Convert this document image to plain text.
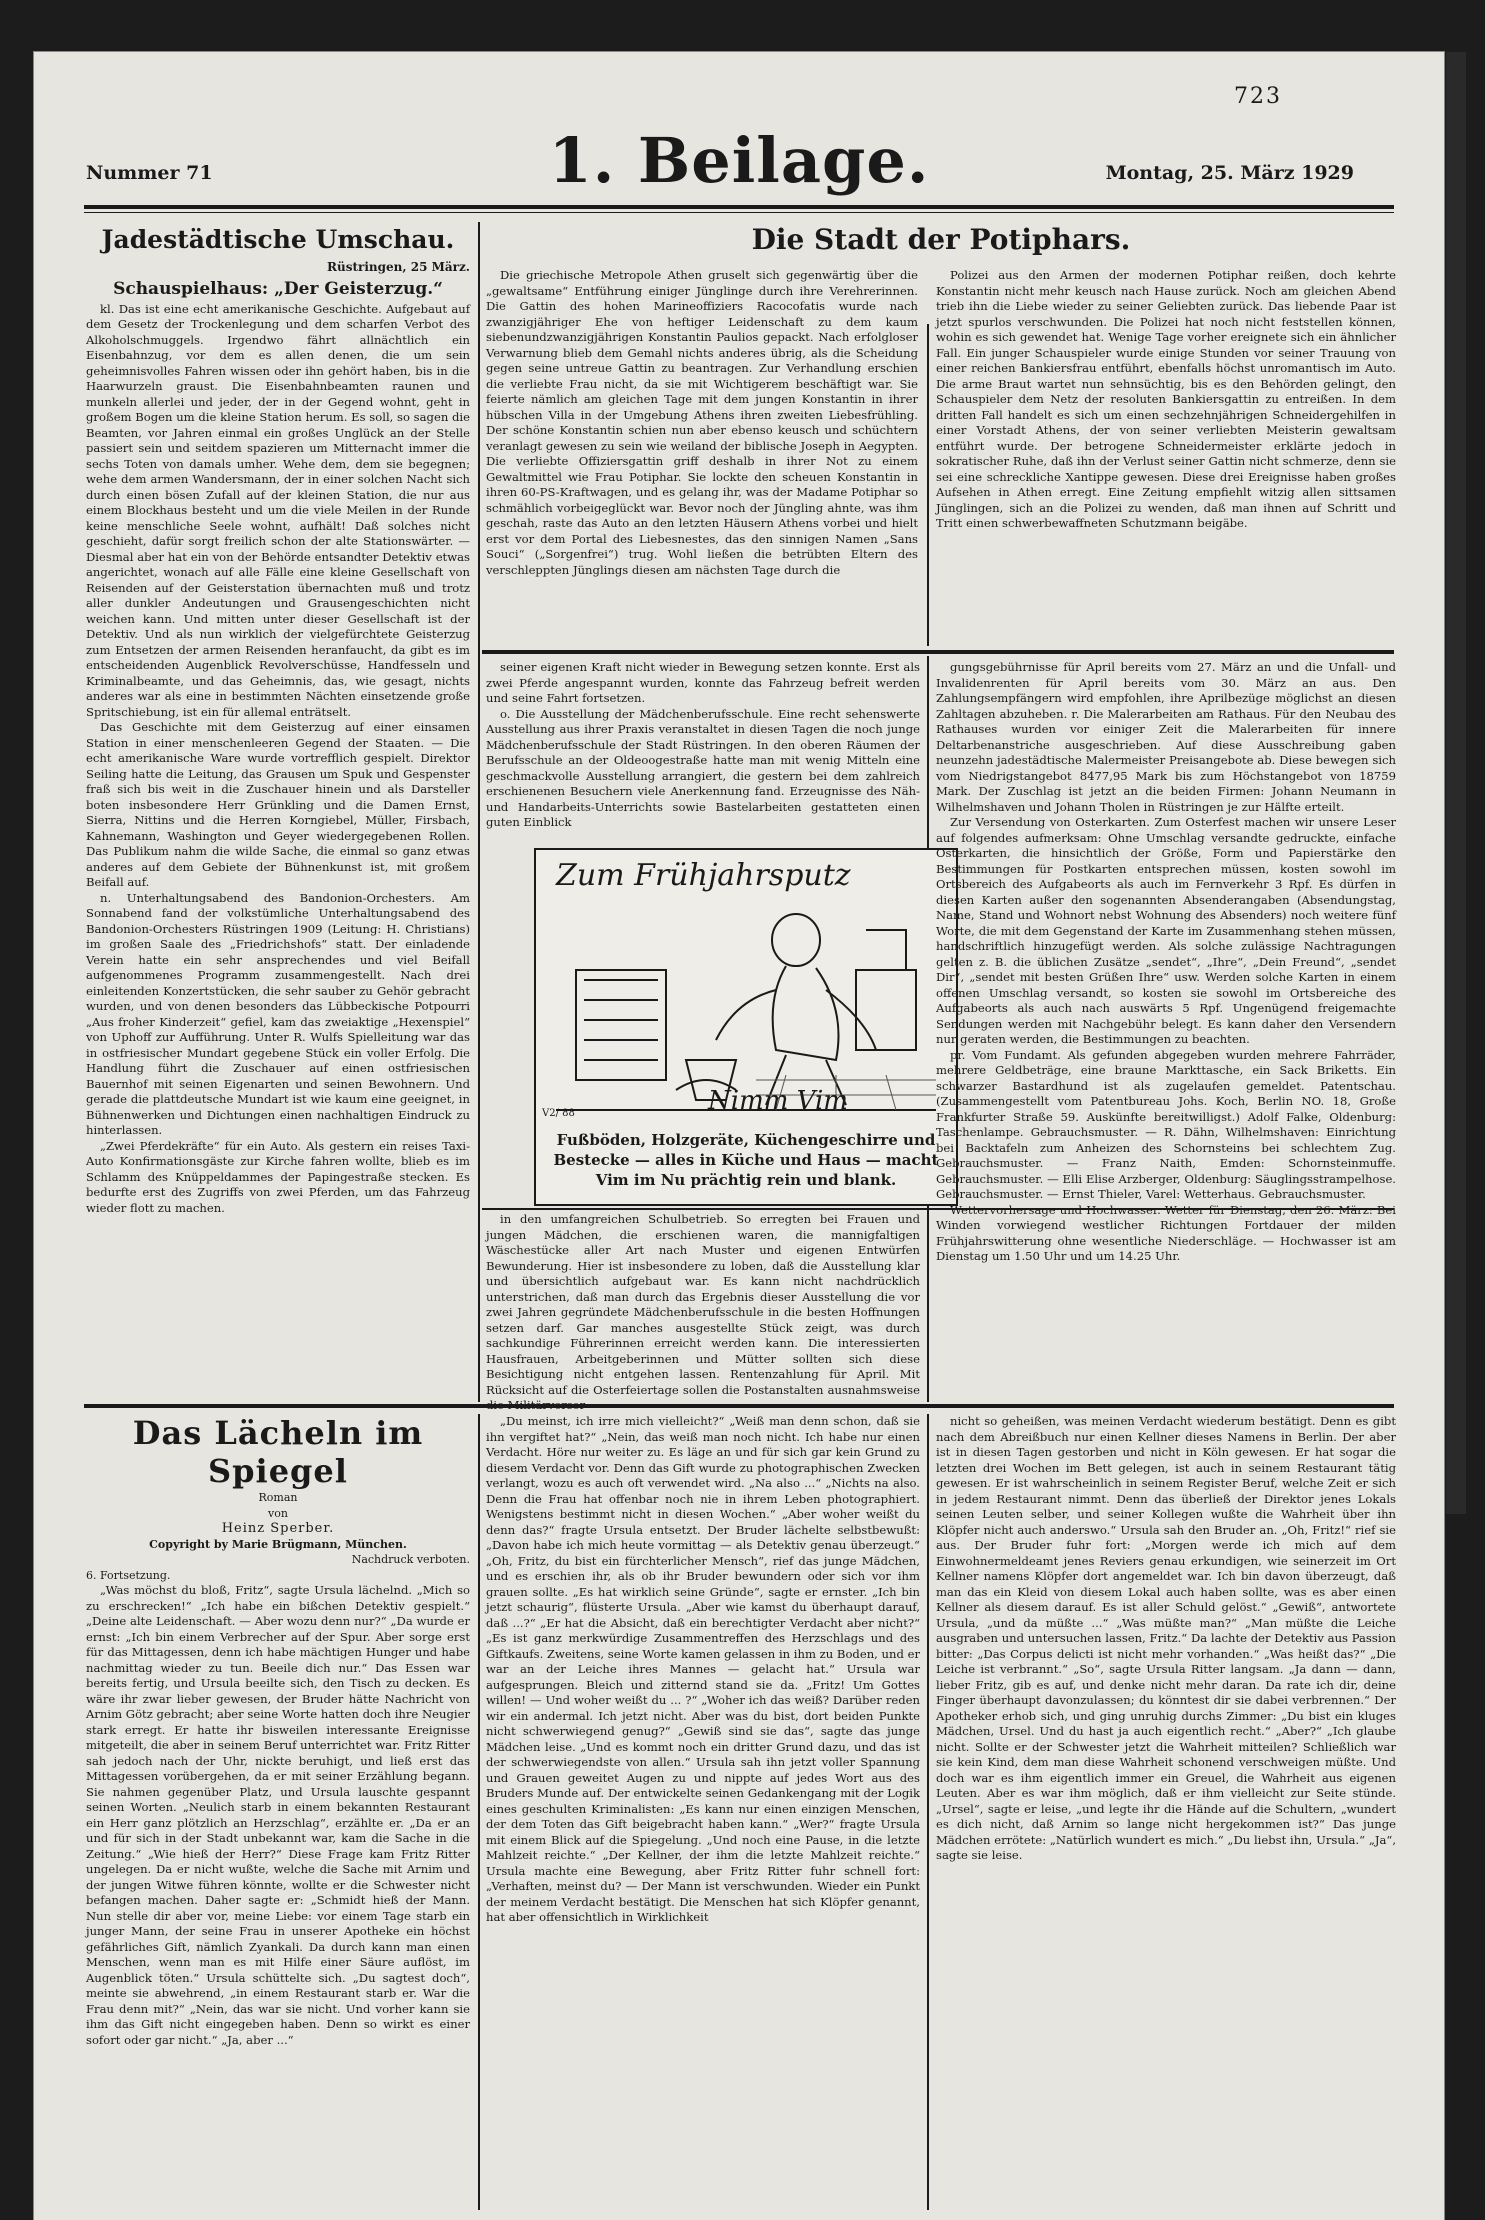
723
Nummer 71	1. Beilage.	Montag, 25. März 1929
Jadestädtische Umschau.
Rüstringen, 25 März.
Schauspielhaus: „Der Geisterzug.“

kl. Das ist eine echt amerikanische Geschichte. Aufgebaut auf dem Gesetz der Trockenlegung und dem scharfen Verbot des Alkoholschmuggels. Irgendwo fährt allnächtlich ein Eisenbahnzug, vor dem es allen denen, die um sein geheimnisvolles Fahren wissen oder ihn gehört haben, bis in die Haarwurzeln graust. Die Eisenbahnbeamten raunen und munkeln allerlei und jeder, der in der Gegend wohnt, geht in großem Bogen um die kleine Station herum. Es soll, so sagen die Beamten, vor Jahren einmal ein großes Unglück an der Stelle passiert sein und seitdem spazieren um Mitternacht immer die sechs Toten von damals umher. Wehe dem, dem sie begegnen; wehe dem armen Wandersmann, der in einer solchen Nacht sich durch einen bösen Zufall auf der kleinen Station, die nur aus einem Blockhaus besteht und um die viele Meilen in der Runde keine menschliche Seele wohnt, aufhält! Daß solches nicht geschieht, dafür sorgt freilich schon der alte Stationswärter. — Diesmal aber hat ein von der Behörde entsandter Detektiv etwas angerichtet, wonach auf alle Fälle eine kleine Gesellschaft von Reisenden auf der Geisterstation übernachten muß und trotz aller dunkler Andeutungen und Grausengeschichten nicht weichen kann. Und mitten unter dieser Gesellschaft ist der Detektiv. Und als nun wirklich der vielgefürchtete Geisterzug zum Entsetzen der armen Reisenden heranfaucht, da gibt es im entscheidenden Augenblick Revolverschüsse, Handfesseln und Kriminalbeamte, und das Geheimnis, das, wie gesagt, nichts anderes war als eine in bestimmten Nächten einsetzende große Spritschiebung, ist ein für allemal enträtselt.

Das Geschichte mit dem Geisterzug auf einer einsamen Station in einer menschenleeren Gegend der Staaten. — Die echt amerikanische Ware wurde vortrefflich gespielt. Direktor Seiling hatte die Leitung, das Grausen um Spuk und Gespenster fraß sich bis weit in die Zuschauer hinein und als Darsteller boten insbesondere Herr Grünkling und die Damen Ernst, Sierra, Nittins und die Herren Korngiebel, Müller, Firsbach, Kahnemann, Washington und Geyer wiedergegebenen Rollen. Das Publikum nahm die wilde Sache, die einmal so ganz etwas anderes auf dem Gebiete der Bühnenkunst ist, mit großem Beifall auf.

n. Unterhaltungsabend des Bandonion-Orchesters. Am Sonnabend fand der volkstümliche Unterhaltungsabend des Bandonion-Orchesters Rüstringen 1909 (Leitung: H. Christians) im großen Saale des „Friedrichshofs“ statt. Der einladende Verein hatte ein sehr ansprechendes und viel Beifall aufgenommenes Programm zusammengestellt. Nach drei einleitenden Konzertstücken, die sehr sauber zu Gehör gebracht wurden, und von denen besonders das Lübbeckische Potpourri „Aus froher Kinderzeit“ gefiel, kam das zweiaktige „Hexenspiel“ von Uphoff zur Aufführung. Unter R. Wulfs Spielleitung war das in ostfriesischer Mundart gegebene Stück ein voller Erfolg. Die Handlung führt die Zuschauer auf einen ostfriesischen Bauernhof mit seinen Eigenarten und seinen Bewohnern. Und gerade die plattdeutsche Mundart ist wie kaum eine geeignet, in Bühnenwerken und Dichtungen einen nachhaltigen Eindruck zu hinterlassen.

„Zwei Pferdekräfte“ für ein Auto. Als gestern ein reises Taxi-Auto Konfirmationsgäste zur Kirche fahren wollte, blieb es im Schlamm des Knüppeldammes der Papingestraße stecken. Es bedurfte erst des Zugriffs von zwei Pferden, um das Fahrzeug wieder flott zu machen.

Die Stadt der Potiphars.

Die griechische Metropole Athen gruselt sich gegenwärtig über die „gewaltsame“ Entführung einiger Jünglinge durch ihre Verehrerinnen. Die Gattin des hohen Marineoffiziers Racocofatis wurde nach zwanzigjähriger Ehe von heftiger Leidenschaft zu dem kaum siebenundzwanzigjährigen Konstantin Paulios gepackt. Nach erfolgloser Verwarnung blieb dem Gemahl nichts anderes übrig, als die Scheidung gegen seine untreue Gattin zu beantragen. Zur Verhandlung erschien die verliebte Frau nicht, da sie mit Wichtigerem beschäftigt war. Sie feierte nämlich am gleichen Tage mit dem jungen Konstantin in ihrer hübschen Villa in der Umgebung Athens ihren zweiten Liebesfrühling. Der schöne Konstantin schien nun aber ebenso keusch und schüchtern veranlagt gewesen zu sein wie weiland der biblische Joseph in Aegypten. Die verliebte Offiziersgattin griff deshalb in ihrer Not zu einem Gewaltmittel wie Frau Potiphar. Sie lockte den scheuen Konstantin in ihren 60-PS-Kraftwagen, und es gelang ihr, was der Madame Potiphar so schmählich vorbeigeglückt war. Bevor noch der Jüngling ahnte, was ihm geschah, raste das Auto an den letzten Häusern Athens vorbei und hielt erst vor dem Portal des Liebesnestes, das den sinnigen Namen „Sans Souci“ („Sorgenfrei“) trug. Wohl ließen die betrübten Eltern des verschleppten Jünglings diesen am nächsten Tage durch die

Polizei aus den Armen der modernen Potiphar reißen, doch kehrte Konstantin nicht mehr keusch nach Hause zurück. Noch am gleichen Abend trieb ihn die Liebe wieder zu seiner Geliebten zurück. Das liebende Paar ist jetzt spurlos verschwunden. Die Polizei hat noch nicht feststellen können, wohin es sich gewendet hat. Wenige Tage vorher ereignete sich ein ähnlicher Fall. Ein junger Schauspieler wurde einige Stunden vor seiner Trauung von einer reichen Bankiersfrau entführt, ebenfalls höchst unromantisch im Auto. Die arme Braut wartet nun sehnsüchtig, bis es den Behörden gelingt, den Schauspieler dem Netz der resoluten Bankiersgattin zu entreißen. In dem dritten Fall handelt es sich um einen sechzehnjährigen Schneidergehilfen in einer Vorstadt Athens, der von seiner verliebten Meisterin gewaltsam entführt wurde. Der betrogene Schneidermeister erklärte jedoch in sokratischer Ruhe, daß ihn der Verlust seiner Gattin nicht schmerze, denn sie sei eine schreckliche Xantippe gewesen. Diese drei Ereignisse haben großes Aufsehen in Athen erregt. Eine Zeitung empfiehlt witzig allen sittsamen Jünglingen, sich an die Polizei zu wenden, daß man ihnen auf Schritt und Tritt einen schwerbewaffneten Schutzmann beigäbe.

seiner eigenen Kraft nicht wieder in Bewegung setzen konnte. Erst als zwei Pferde angespannt wurden, konnte das Fahrzeug befreit werden und seine Fahrt fortsetzen.

o. Die Ausstellung der Mädchenberufsschule. Eine recht sehenswerte Ausstellung aus ihrer Praxis veranstaltet in diesen Tagen die noch junge Mädchenberufsschule der Stadt Rüstringen. In den oberen Räumen der Berufsschule an der Oldeoogestraße hatte man mit wenig Mitteln eine geschmackvolle Ausstellung arrangiert, die gestern bei dem zahlreich erschienenen Besuchern viele Anerkennung fand. Erzeugnisse des Näh- und Handarbeits-Unterrichts sowie Bastelarbeiten gestatteten einen guten Einblick

Zum Frühjahrsputz
Nimm Vim
V2/ 88
Fußböden, Holzgeräte, Küchengeschirre und Bestecke — alles in Küche und Haus — macht Vim im Nu prächtig rein und blank.

in den umfangreichen Schulbetrieb. So erregten bei Frauen und jungen Mädchen, die erschienen waren, die mannigfaltigen Wäschestücke aller Art nach Muster und eigenen Entwürfen Bewunderung. Hier ist insbesondere zu loben, daß die Ausstellung klar und übersichtlich aufgebaut war. Es kann nicht nachdrücklich unterstrichen, daß man durch das Ergebnis dieser Ausstellung die vor zwei Jahren gegründete Mädchenberufsschule in die besten Hoffnungen setzen darf. Gar manches ausgestellte Stück zeigt, was durch sachkundige Führerinnen erreicht werden kann. Die interessierten Hausfrauen, Arbeitgeberinnen und Mütter sollten sich diese Besichtigung nicht entgehen lassen. Rentenzahlung für April. Mit Rücksicht auf die Osterfeiertage sollen die Postanstalten ausnahmsweise die Militärversor-

gungsgebührnisse für April bereits vom 27. März an und die Unfall- und Invalidenrenten für April bereits vom 30. März an aus. Den Zahlungsempfängern wird empfohlen, ihre Aprilbezüge möglichst an diesen Zahltagen abzuheben. r. Die Malerarbeiten am Rathaus. Für den Neubau des Rathauses wurden vor einiger Zeit die Malerarbeiten für innere Deltarbenanstriche ausgeschrieben. Auf diese Ausschreibung gaben neunzehn jadestädtische Malermeister Preisangebote ab. Diese bewegen sich vom Niedrigstangebot 8477,95 Mark bis zum Höchstangebot von 18759 Mark. Der Zuschlag ist jetzt an die beiden Firmen: Johann Neumann in Wilhelmshaven und Johann Tholen in Rüstringen je zur Hälfte erteilt.

Zur Versendung von Osterkarten. Zum Osterfest machen wir unsere Leser auf folgendes aufmerksam: Ohne Umschlag versandte gedruckte, einfache Osterkarten, die hinsichtlich der Größe, Form und Papierstärke den Bestimmungen für Postkarten entsprechen müssen, kosten sowohl im Ortsbereich des Aufgabeorts als auch im Fernverkehr 3 Rpf. Es dürfen in diesen Karten außer den sogenannten Absenderangaben (Absendungstag, Name, Stand und Wohnort nebst Wohnung des Absenders) noch weitere fünf Worte, die mit dem Gegenstand der Karte im Zusammenhang stehen müssen, handschriftlich hinzugefügt werden. Als solche zulässige Nachtragungen gelten z. B. die üblichen Zusätze „sendet“, „Ihre“, „Dein Freund“, „sendet Dir“, „sendet mit besten Grüßen Ihre“ usw. Werden solche Karten in einem offenen Umschlag versandt, so kosten sie sowohl im Ortsbereiche des Aufgabeorts als auch nach auswärts 5 Rpf. Ungenügend freigemachte Sendungen werden mit Nachgebühr belegt. Es kann daher den Versendern nur geraten werden, die Bestimmungen zu beachten.

pr. Vom Fundamt. Als gefunden abgegeben wurden mehrere Fahrräder, mehrere Geldbeträge, eine braune Markttasche, ein Sack Briketts. Ein schwarzer Bastardhund ist als zugelaufen gemeldet. Patentschau. (Zusammengestellt vom Patentbureau Johs. Koch, Berlin NO. 18, Große Frankfurter Straße 59. Auskünfte bereitwilligst.) Adolf Falke, Oldenburg: Taschenlampe. Gebrauchsmuster. — R. Dähn, Wilhelmshaven: Einrichtung bei Backtafeln zum Anheizen des Schornsteins bei schlechtem Zug. Gebrauchsmuster. — Franz Naith, Emden: Schornsteinmuffe. Gebrauchsmuster. — Elli Elise Arzberger, Oldenburg: Säuglingsstrampelhose. Gebrauchsmuster. — Ernst Thieler, Varel: Wetterhaus. Gebrauchsmuster.

Wettervorhersage und Hochwasser. Wetter für Dienstag, den 26. März: Bei Winden vorwiegend westlicher Richtungen Fortdauer der milden Frühjahrswitterung ohne wesentliche Niederschläge. — Hochwasser ist am Dienstag um 1.50 Uhr und um 14.25 Uhr.

Das Lächeln im Spiegel
Roman
von
Heinz Sperber.
Copyright by Marie Brügmann, München.
Nachdruck verboten.
6. Fortsetzung.

„Was möchst du bloß, Fritz“, sagte Ursula lächelnd. „Mich so zu erschrecken!“ „Ich habe ein bißchen Detektiv gespielt.“ „Deine alte Leidenschaft. — Aber wozu denn nur?“ „Da wurde er ernst: „Ich bin einem Verbrecher auf der Spur. Aber sorge erst für das Mittagessen, denn ich habe mächtigen Hunger und habe nachmittag wieder zu tun. Beeile dich nur.“ Das Essen war bereits fertig, und Ursula beeilte sich, den Tisch zu decken. Es wäre ihr zwar lieber gewesen, der Bruder hätte Nachricht von Arnim Götz gebracht; aber seine Worte hatten doch ihre Neugier stark erregt. Er hatte ihr bisweilen interessante Ereignisse mitgeteilt, die aber in seinem Beruf unterrichtet war. Fritz Ritter sah jedoch nach der Uhr, nickte beruhigt, und ließ erst das Mittagessen vorübergehen, da er mit seiner Erzählung begann. Sie nahmen gegenüber Platz, und Ursula lauschte gespannt seinen Worten. „Neulich starb in einem bekannten Restaurant ein Herr ganz plötzlich an Herzschlag“, erzählte er. „Da er an und für sich in der Stadt unbekannt war, kam die Sache in die Zeitung.“ „Wie hieß der Herr?“ Diese Frage kam Fritz Ritter ungelegen. Da er nicht wußte, welche die Sache mit Arnim und der jungen Witwe führen könnte, wollte er die Schwester nicht befangen machen. Daher sagte er: „Schmidt hieß der Mann. Nun stelle dir aber vor, meine Liebe: vor einem Tage starb ein junger Mann, der seine Frau in unserer Apotheke ein höchst gefährliches Gift, nämlich Zyankali. Da durch kann man einen Menschen, wenn man es mit Hilfe einer Säure auflöst, im Augenblick töten.“ Ursula schüttelte sich. „Du sagtest doch“, meinte sie abwehrend, „in einem Restaurant starb er. War die Frau denn mit?“ „Nein, das war sie nicht. Und vorher kann sie ihm das Gift nicht eingegeben haben. Denn so wirkt es einer sofort oder gar nicht.“ „Ja, aber ...“

„Du meinst, ich irre mich vielleicht?“ „Weiß man denn schon, daß sie ihn vergiftet hat?“ „Nein, das weiß man noch nicht. Ich habe nur einen Verdacht. Höre nur weiter zu. Es läge an und für sich gar kein Grund zu diesem Verdacht vor. Denn das Gift wurde zu photographischen Zwecken verlangt, wozu es auch oft verwendet wird. „Na also ...“ „Nichts na also. Denn die Frau hat offenbar noch nie in ihrem Leben photographiert. Wenigstens bestimmt nicht in diesen Wochen.“ „Aber woher weißt du denn das?“ fragte Ursula entsetzt. Der Bruder lächelte selbstbewußt: „Davon habe ich mich heute vormittag — als Detektiv genau überzeugt.“ „Oh, Fritz, du bist ein fürchterlicher Mensch“, rief das junge Mädchen, und es erschien ihr, als ob ihr Bruder bewundern oder sich vor ihm grauen sollte. „Es hat wirklich seine Gründe“, sagte er ernster. „Ich bin jetzt schaurig“, flüsterte Ursula. „Aber wie kamst du überhaupt darauf, daß ...?“ „Er hat die Absicht, daß ein berechtigter Verdacht aber nicht?“ „Es ist ganz merkwürdige Zusammentreffen des Herzschlags und des Giftkaufs. Zweitens, seine Worte kamen gelassen in ihm zu Boden, und er war an der Leiche ihres Mannes — gelacht hat.“ Ursula war aufgesprungen. Bleich und zitternd stand sie da. „Fritz! Um Gottes willen! — Und woher weißt du ... ?“ „Woher ich das weiß? Darüber reden wir ein andermal. Ich jetzt nicht. Aber was du bist, dort beiden Punkte nicht schwerwiegend genug?“ „Gewiß sind sie das“, sagte das junge Mädchen leise. „Und es kommt noch ein dritter Grund dazu, und das ist der schwerwiegendste von allen.“ Ursula sah ihn jetzt voller Spannung und Grauen geweitet Augen zu und nippte auf jedes Wort aus des Bruders Munde auf. Der entwickelte seinen Gedankengang mit der Logik eines geschulten Kriminalisten: „Es kann nur einen einzigen Menschen, der dem Toten das Gift beigebracht haben kann.“ „Wer?“ fragte Ursula mit einem Blick auf die Spiegelung. „Und noch eine Pause, in die letzte Mahlzeit reichte.“ „Der Kellner, der ihm die letzte Mahlzeit reichte.“ Ursula machte eine Bewegung, aber Fritz Ritter fuhr schnell fort: „Verhaften, meinst du? — Der Mann ist verschwunden. Wieder ein Punkt der meinem Verdacht bestätigt. Die Menschen hat sich Klöpfer genannt, hat aber offensichtlich in Wirklichkeit

nicht so geheißen, was meinen Verdacht wiederum bestätigt. Denn es gibt nach dem Abreißbuch nur einen Kellner dieses Namens in Berlin. Der aber ist in diesen Tagen gestorben und nicht in Köln gewesen. Er hat sogar die letzten drei Wochen im Bett gelegen, ist auch in seinem Restaurant tätig gewesen. Er ist wahrscheinlich in seinem Register Beruf, welche Zeit er sich in jedem Restaurant nimmt. Denn das überließ der Direktor jenes Lokals seinen Leuten selber, und seiner Kollegen wußte die Wahrheit über ihn Klöpfer nicht auch anderswo.“ Ursula sah den Bruder an. „Oh, Fritz!“ rief sie aus. Der Bruder fuhr fort: „Morgen werde ich mich auf dem Einwohnermeldeamt jenes Reviers genau erkundigen, wie seinerzeit im Ort Kellner namens Klöpfer dort angemeldet war. Ich bin davon überzeugt, daß man das ein Kleid von diesem Lokal auch haben sollte, was es aber einen Kellner als diesem darauf. Es ist aller Schuld gelöst.“ „Gewiß“, antwortete Ursula, „und da müßte ...“ „Was müßte man?“ „Man müßte die Leiche ausgraben und untersuchen lassen, Fritz.“ Da lachte der Detektiv aus Passion bitter: „Das Corpus delicti ist nicht mehr vorhanden.“ „Was heißt das?“ „Die Leiche ist verbrannt.“ „So“, sagte Ursula Ritter langsam. „Ja dann — dann, lieber Fritz, gib es auf, und denke nicht mehr daran. Da rate ich dir, deine Finger überhaupt davonzulassen; du könntest dir sie dabei verbrennen.“ Der Apotheker erhob sich, und ging unruhig durchs Zimmer: „Du bist ein kluges Mädchen, Ursel. Und du hast ja auch eigentlich recht.“ „Aber?“ „Ich glaube nicht. Sollte er der Schwester jetzt die Wahrheit mitteilen? Schließlich war sie kein Kind, dem man diese Wahrheit schonend verschweigen müßte. Und doch war es ihm eigentlich immer ein Greuel, die Wahrheit aus eigenen Leuten. Aber es war ihm möglich, daß er ihm vielleicht zur Seite stünde. „Ursel“, sagte er leise, „und legte ihr die Hände auf die Schultern, „wundert es dich nicht, daß Arnim so lange nicht hergekommen ist?“ Das junge Mädchen errötete: „Natürlich wundert es mich.“ „Du liebst ihn, Ursula.“ „Ja“, sagte sie leise.
